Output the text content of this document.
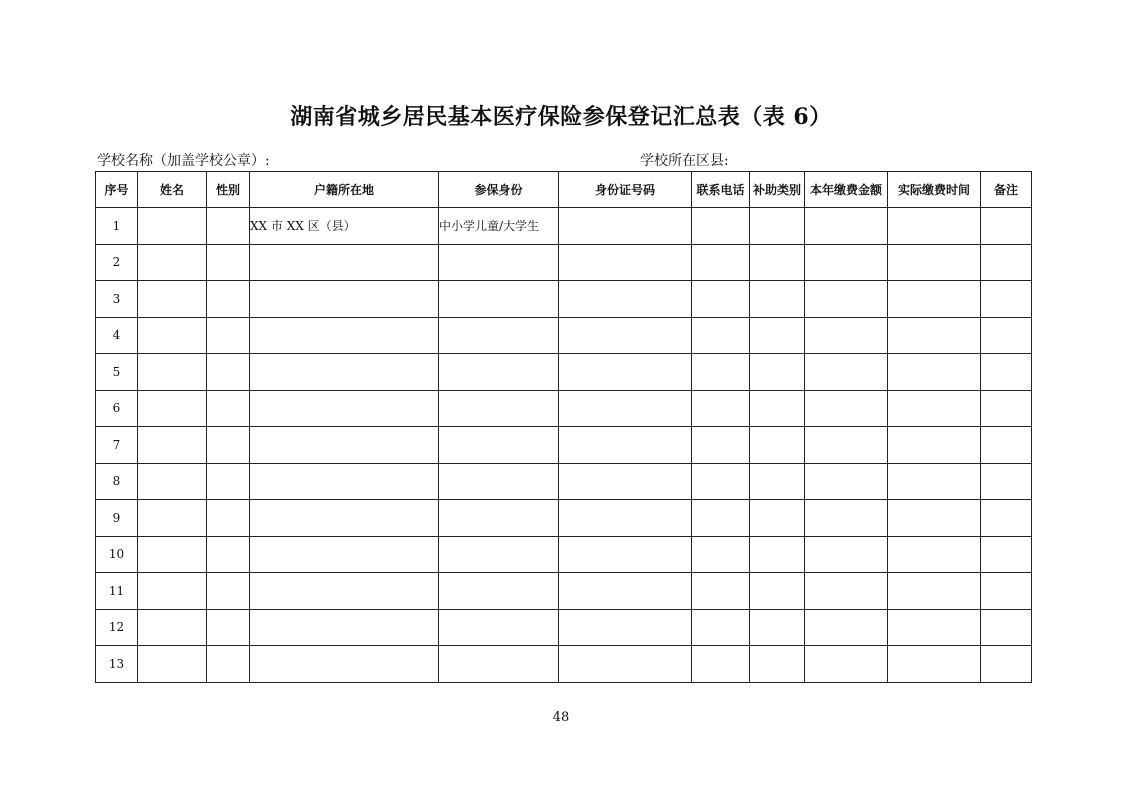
湖南省城乡居民基本医疗保险参保登记汇总表（表 6）
学校名称（加盖学校公章）:	学校所在区县:
序号	姓名	性别	户籍所在地	参保身份	身份证号码	联系电话	补助类别	本年缴费金额	实际缴费时间	备注
1			XX 市 XX 区（县）	中小学儿童/大学生						
2										
3										
4										
5										
6										
7										
8										
9										
10										
11										
12										
13										
48
